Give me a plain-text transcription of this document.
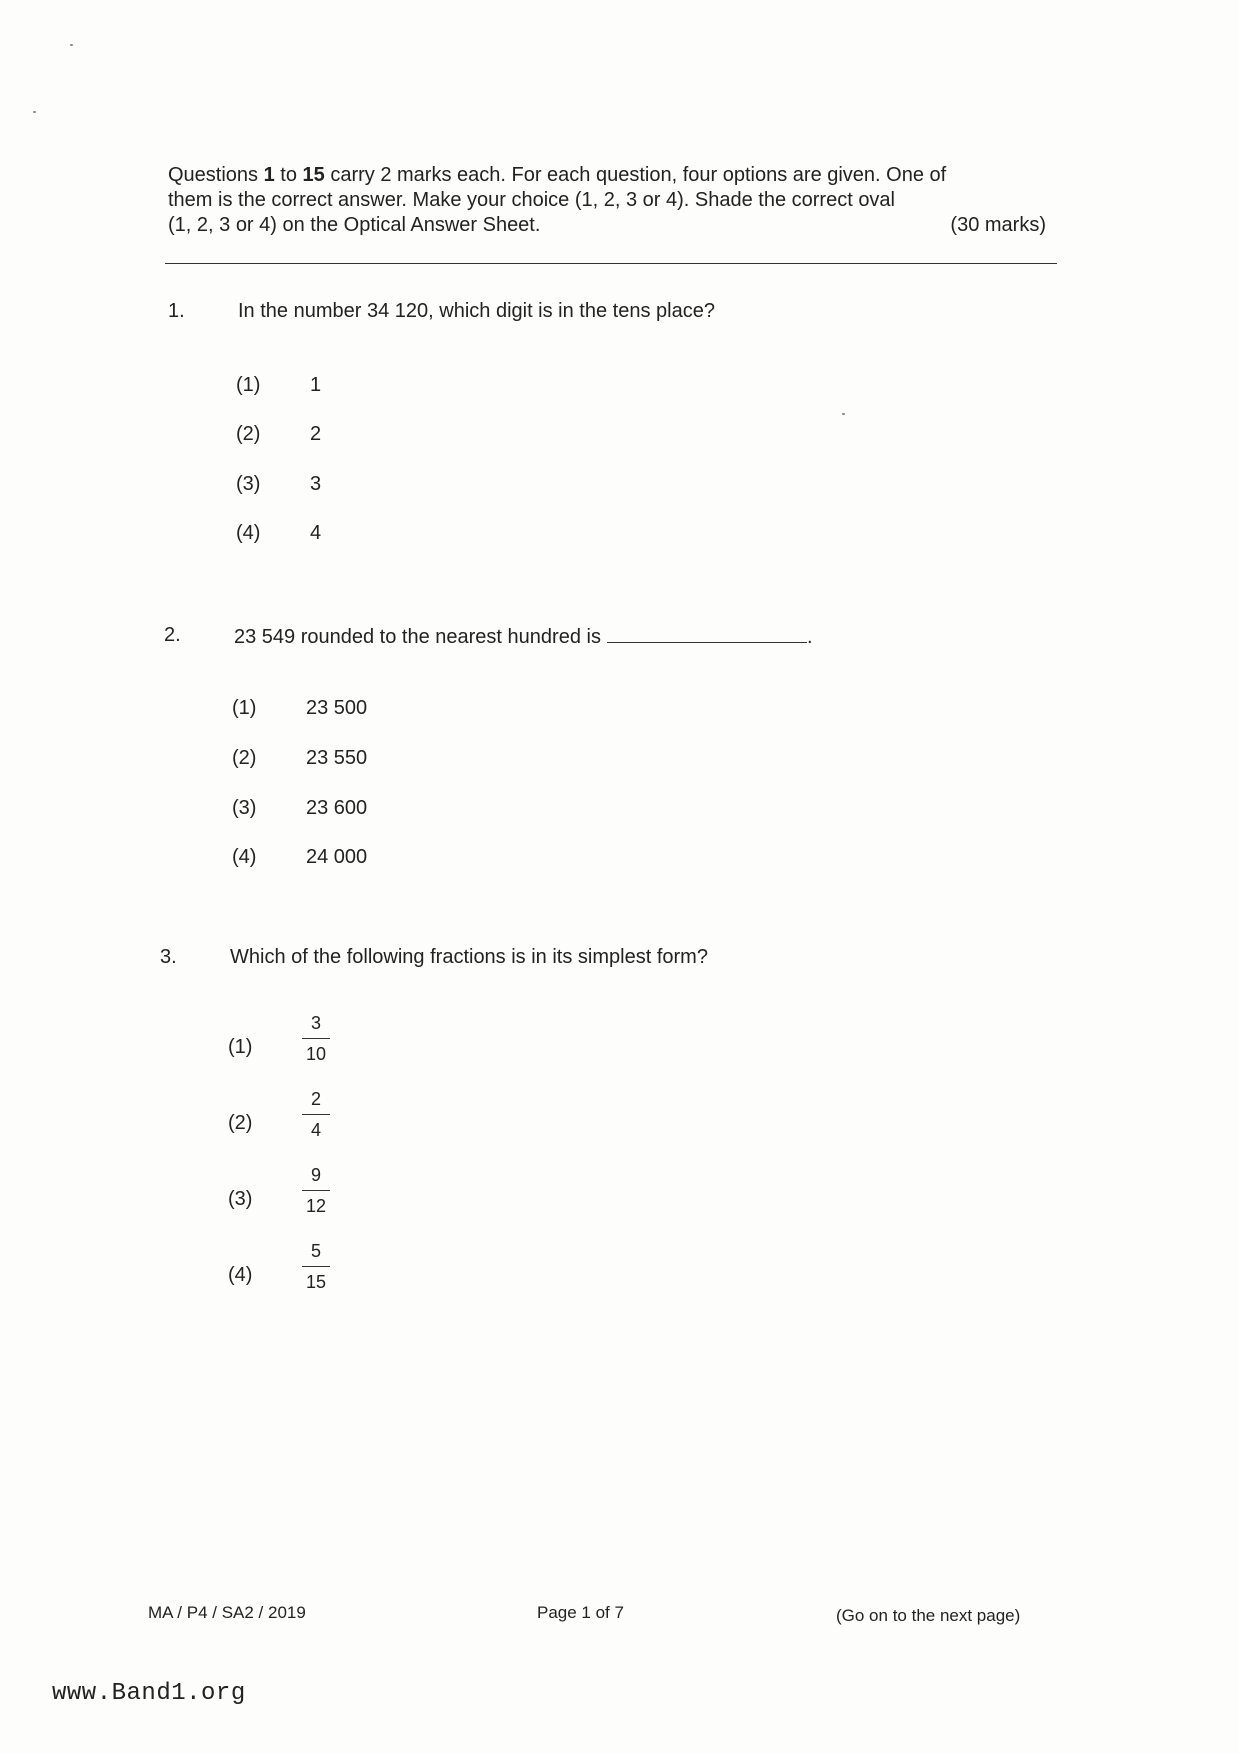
Questions 1 to 15 carry 2 marks each. For each question, four options are given. One of
them is the correct answer. Make your choice (1, 2, 3 or 4). Shade the correct oval
(1, 2, 3 or 4) on the Optical Answer Sheet.	(30 marks)
1.	In the number 34 120, which digit is in the tens place?
(1) 1
(2) 2
(3) 3
(4) 4
2.	23 549 rounded to the nearest hundred is	.
(1) 23 500
(2) 23 550
(3) 23 600
(4) 24 000
3.	Which of the following fractions is in its simplest form?
(1)
3
10
(2)
2
4
(3)
9
12
(4)
5
15
MA / P4 / SA2 / 2019	Page 1 of 7	(Go on to the next page)
www.Band1.org
